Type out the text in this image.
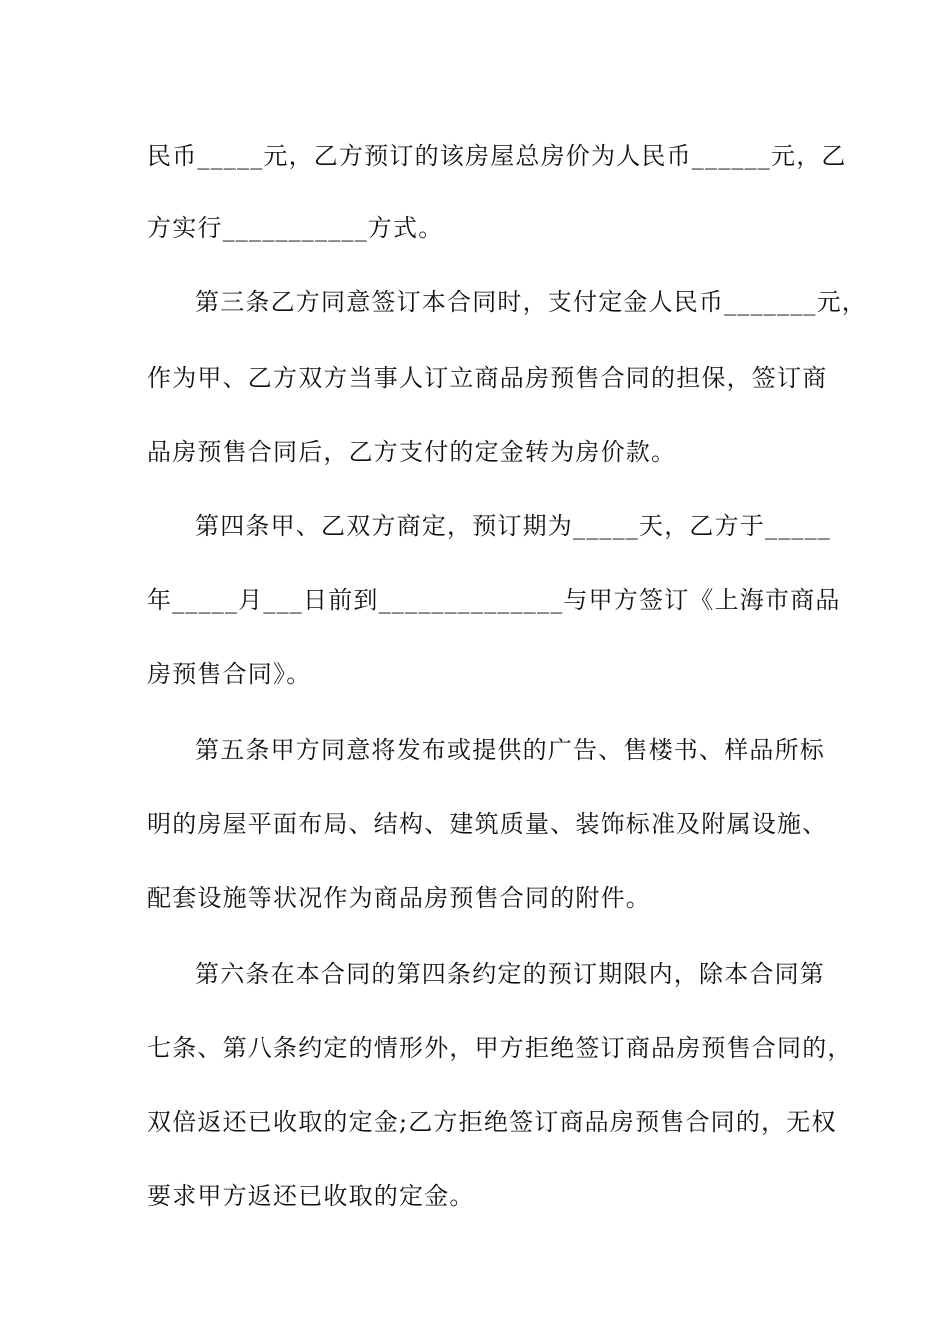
民币_____元，乙方预订的该房屋总房价为人民币______元，乙
方实行___________方式。
第三条乙方同意签订本合同时，支付定金人民币_______元，
作为甲、乙方双方当事人订立商品房预售合同的担保，签订商
品房预售合同后，乙方支付的定金转为房价款。
第四条甲、乙双方商定，预订期为_____天，乙方于_____
年_____月___日前到______________与甲方签订《上海市商品
房预售合同》。
第五条甲方同意将发布或提供的广告、售楼书、样品所标
明的房屋平面布局、结构、建筑质量、装饰标准及附属设施、
配套设施等状况作为商品房预售合同的附件。
第六条在本合同的第四条约定的预订期限内，除本合同第
七条、第八条约定的情形外，甲方拒绝签订商品房预售合同的，
双倍返还已收取的定金;乙方拒绝签订商品房预售合同的，无权
要求甲方返还已收取的定金。
